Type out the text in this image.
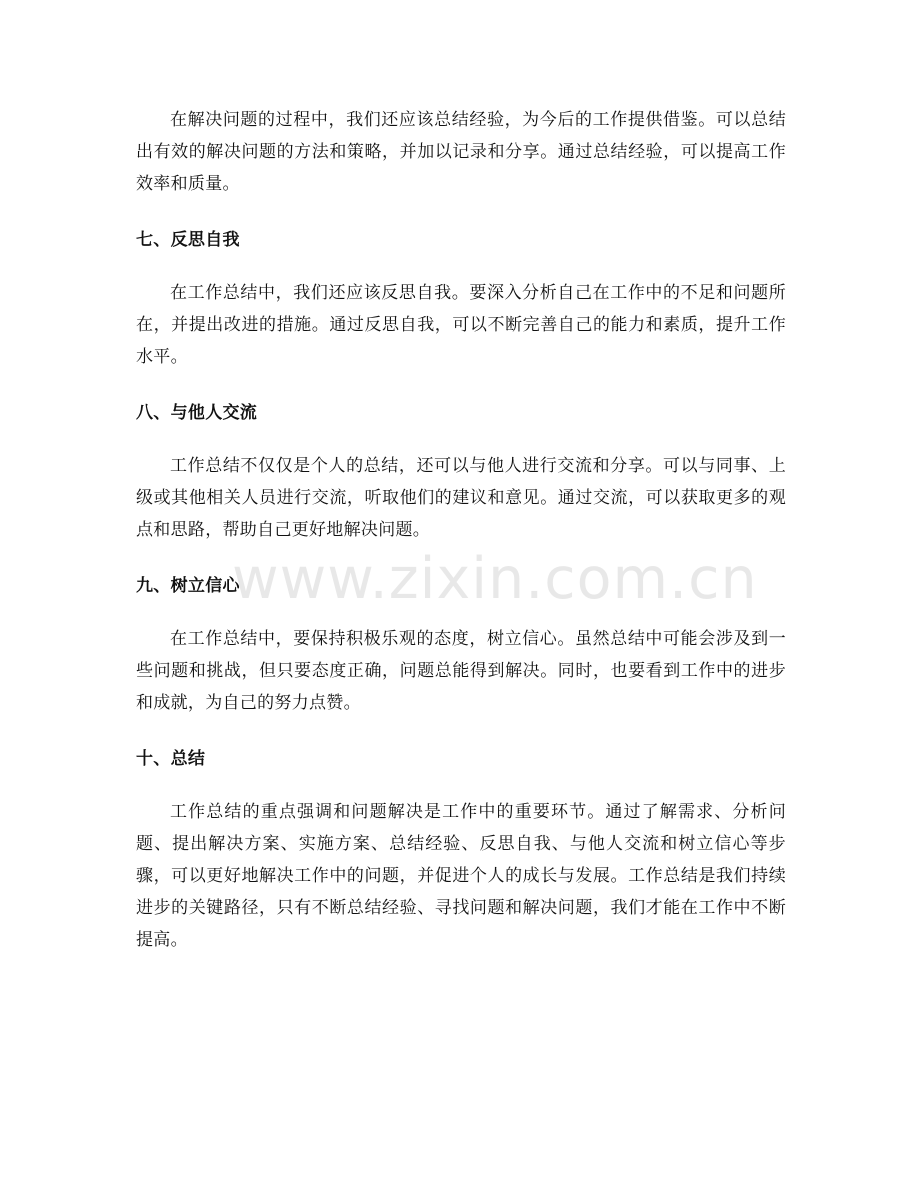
在解决问题的过程中，我们还应该总结经验，为今后的工作提供借鉴。可以总结出有效的解决问题的方法和策略，并加以记录和分享。通过总结经验，可以提高工作效率和质量。

七、反思自我

在工作总结中，我们还应该反思自我。要深入分析自己在工作中的不足和问题所在，并提出改进的措施。通过反思自我，可以不断完善自己的能力和素质，提升工作水平。

八、与他人交流

工作总结不仅仅是个人的总结，还可以与他人进行交流和分享。可以与同事、上级或其他相关人员进行交流，听取他们的建议和意见。通过交流，可以获取更多的观点和思路，帮助自己更好地解决问题。

九、树立信心

在工作总结中，要保持积极乐观的态度，树立信心。虽然总结中可能会涉及到一些问题和挑战，但只要态度正确，问题总能得到解决。同时，也要看到工作中的进步和成就，为自己的努力点赞。

十、总结

工作总结的重点强调和问题解决是工作中的重要环节。通过了解需求、分析问题、提出解决方案、实施方案、总结经验、反思自我、与他人交流和树立信心等步骤，可以更好地解决工作中的问题，并促进个人的成长与发展。工作总结是我们持续进步的关键路径，只有不断总结经验、寻找问题和解决问题，我们才能在工作中不断提高。

www.zixin.com.cn
